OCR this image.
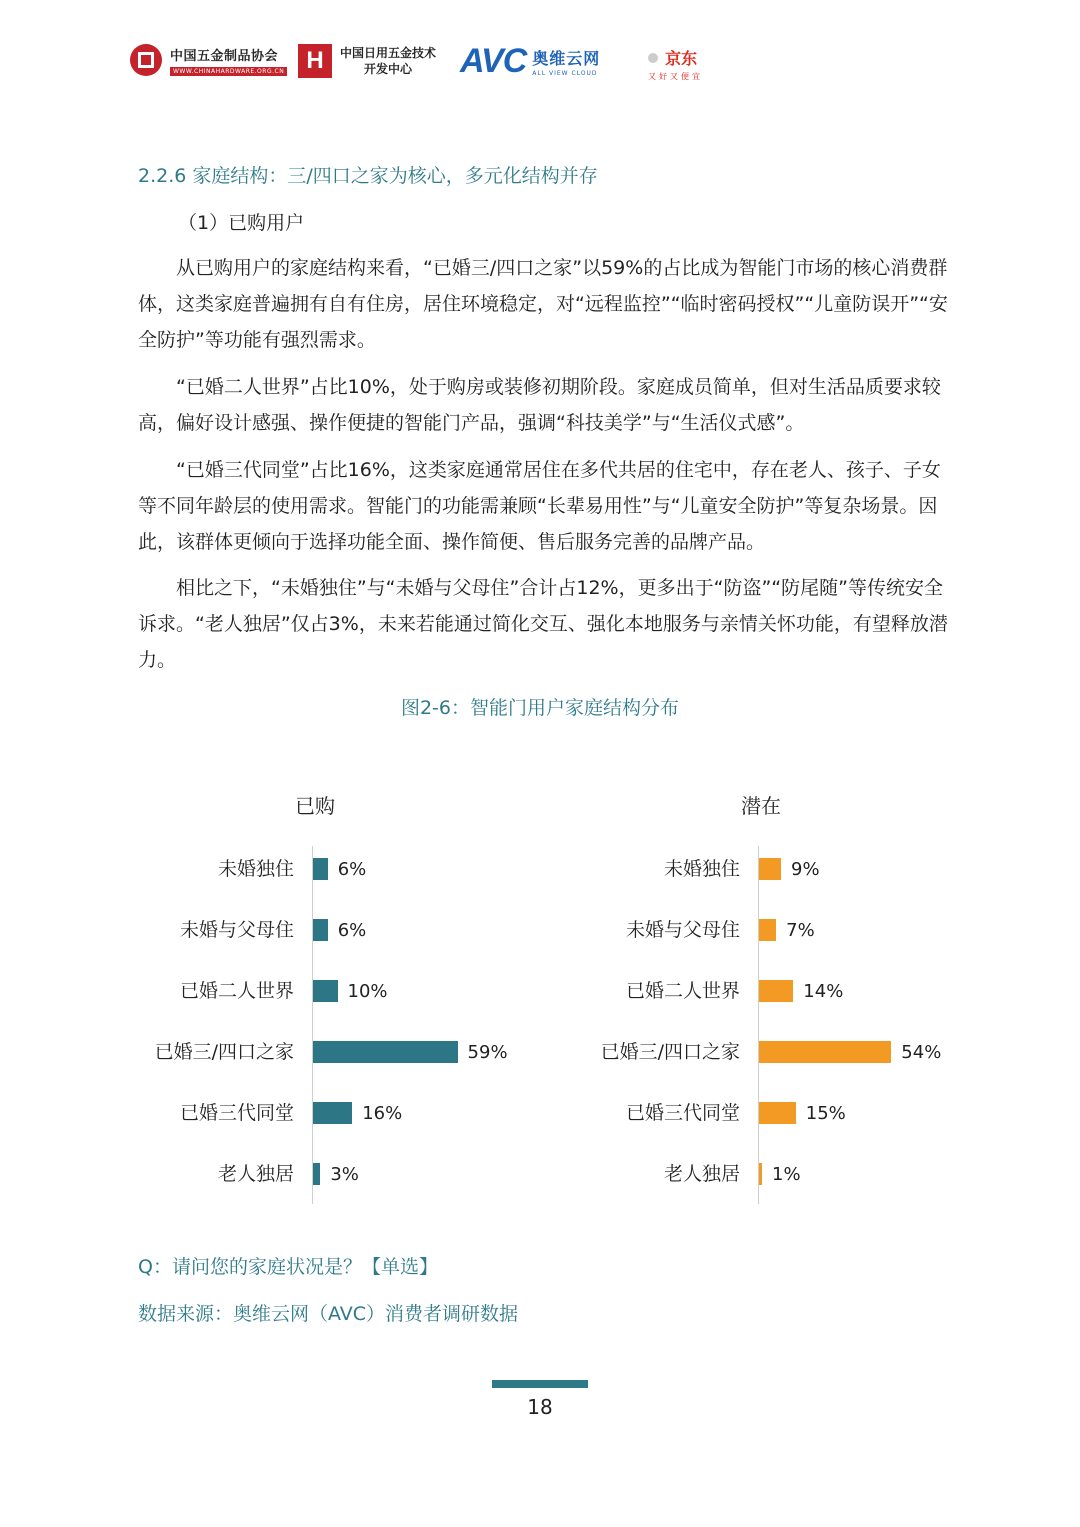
中国五金制品协会
WWW.CHINAHARDWARE.ORG.CN H	中国日用五金技术
开发中心	AVC 奥维云网
ALL VIEW CLOUD
京东
又好又便宜
2.2.6 家庭结构：三/四口之家为核心，多元化结构并存
（1）已购用户

从已购用户的家庭结构来看，“已婚三/四口之家”以59%的占比成为智能门市场的核心消费群体，这类家庭普遍拥有自有住房，居住环境稳定，对“远程监控”“临时密码授权”“儿童防误开”“安全防护”等功能有强烈需求。

“已婚二人世界”占比10%，处于购房或装修初期阶段。家庭成员简单，但对生活品质要求较高，偏好设计感强、操作便捷的智能门产品，强调“科技美学”与“生活仪式感”。

“已婚三代同堂”占比16%，这类家庭通常居住在多代共居的住宅中，存在老人、孩子、子女等不同年龄层的使用需求。智能门的功能需兼顾“长辈易用性”与“儿童安全防护”等复杂场景。因此，该群体更倾向于选择功能全面、操作简便、售后服务完善的品牌产品。

相比之下，“未婚独住”与“未婚与父母住”合计占12%，更多出于“防盗”“防尾随”等传统安全诉求。“老人独居”仅占3%，未来若能通过简化交互、强化本地服务与亲情关怀功能，有望释放潜力。

图2-6：智能门用户家庭结构分布
已购
未婚独住 6%
未婚与父母住 6%
已婚二人世界	10%
已婚三/四口之家	59%
已婚三代同堂	16%
老人独居 3%
潜在
未婚独住	9%
未婚与父母住	7%
已婚二人世界	14%
已婚三/四口之家	54%
已婚三代同堂	15%
老人独居 1%
Q：请问您的家庭状况是？【单选】
数据来源：奥维云网（AVC）消费者调研数据
18
